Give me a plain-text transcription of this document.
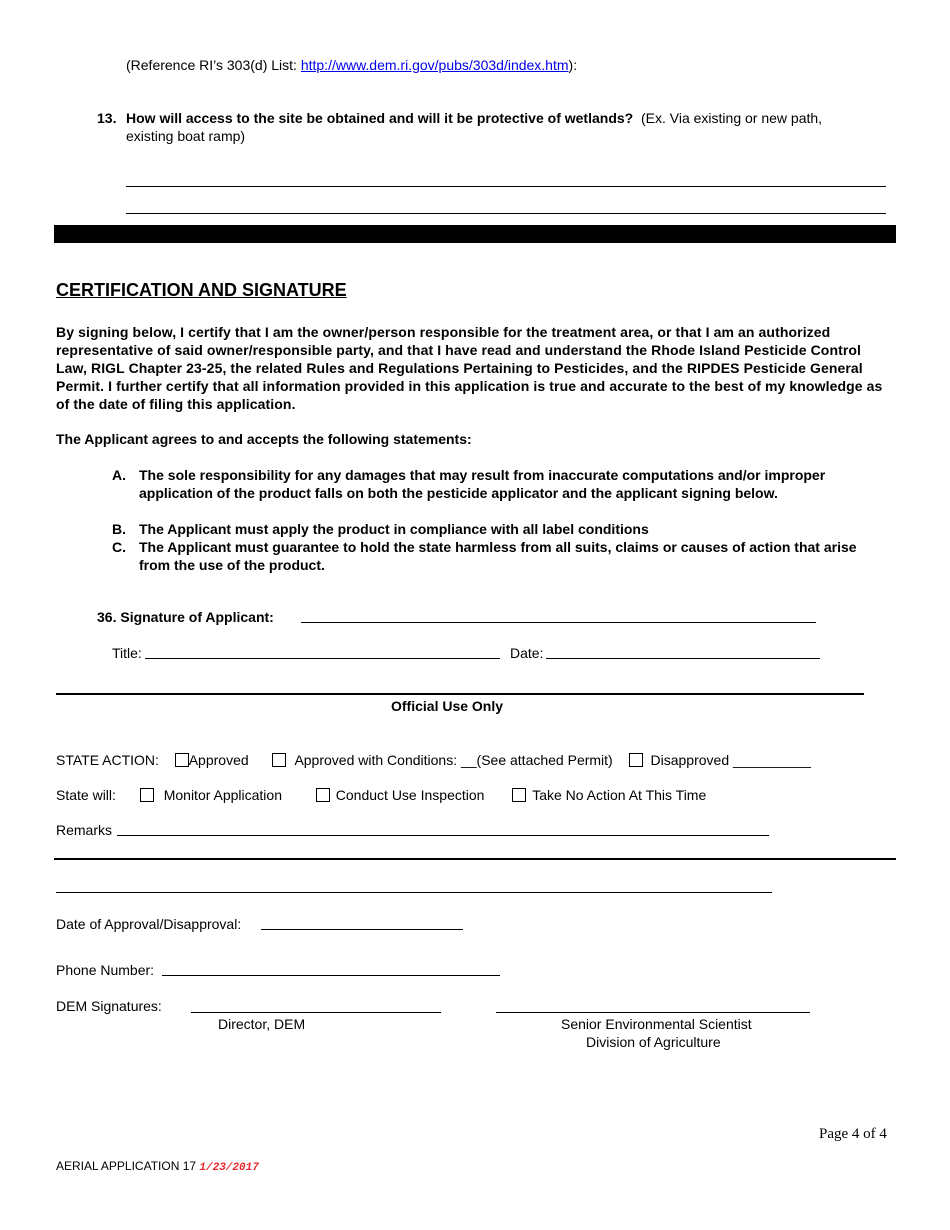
(Reference RI’s 303(d) List: http://www.dem.ri.gov/pubs/303d/index.htm):
13. How will access to the site be obtained and will it be protective of wetlands? (Ex. Via existing or new path,
existing boat ramp)
CERTIFICATION AND SIGNATURE
By signing below, I certify that I am the owner/person responsible for the treatment area, or that I am an authorized representative of said owner/responsible party, and that I have read and understand the Rhode Island Pesticide Control Law, RIGL Chapter 23-25, the related Rules and Regulations Pertaining to Pesticides, and the RIPDES Pesticide General Permit. I further certify that all information provided in this application is true and accurate to the best of my knowledge as of the date of filing this application.
The Applicant agrees to and accepts the following statements:
A. The sole responsibility for any damages that may result from inaccurate computations and/or improper application of the product falls on both the pesticide applicator and the applicant signing below.
B. The Applicant must apply the product in compliance with all label conditions
C. The Applicant must guarantee to hold the state harmless from all suits, claims or causes of action that arise from the use of the product.
36. Signature of Applicant:
Title:	Date:
Official Use Only
STATE ACTION: Approved	Approved with Conditions: __(See attached Permit)	Disapproved __________
State will:	Monitor Application	Conduct Use Inspection	Take No Action At This Time
Remarks
Date of Approval/Disapproval:
Phone Number:
DEM Signatures:
Director, DEM	Senior Environmental Scientist
Division of Agriculture
Page 4 of 4
AERIAL APPLICATION 17 1/23/2017
